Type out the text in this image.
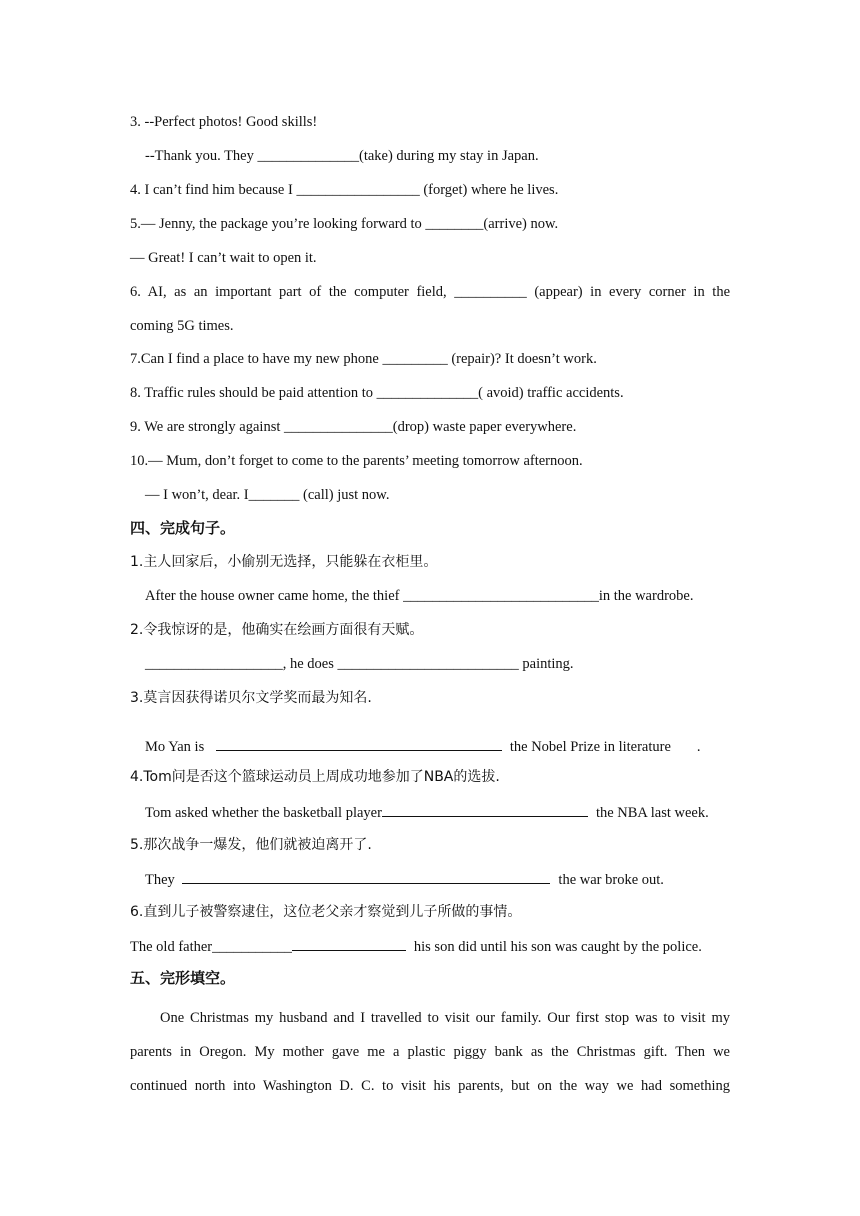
3. --Perfect photos! Good skills!
--Thank you. They ______________(take) during my stay in Japan.
4. I can’t find him because I _________________ (forget) where he lives.
5.— Jenny, the package you’re looking forward to ________(arrive) now.
— Great! I can’t wait to open it.
6. AI, as an important part of the computer field, __________ (appear) in every corner in the
coming 5G times.
7.Can I find a place to have my new phone _________ (repair)? It doesn’t work.
8. Traffic rules should be paid attention to ______________( avoid) traffic accidents.
9. We are strongly against _______________(drop) waste paper everywhere.
10.— Mum, don’t forget to come to the parents’ meeting tomorrow afternoon.
— I won’t, dear. I_______ (call) just now.
四、完成句子。
1.主人回家后，小偷别无选择，只能躲在衣柜里。
After the house owner came home, the thief ___________________________in the wardrobe.
2.令我惊讶的是，他确实在绘画方面很有天赋。
___________________, he does _________________________ painting.
3.莫言因获得诺贝尔文学奖而最为知名.
Mo Yan is	the Nobel Prize in literature .
4.Tom问是否这个篮球运动员上周成功地参加了NBA的选拔.
Tom asked whether the basketball player	the NBA last week.
5.那次战争一爆发，他们就被迫离开了.
They	the war broke out.
6.直到儿子被警察逮住，这位老父亲才察觉到儿子所做的事情。
The old father___________	his son did until his son was caught by the police.
五、完形填空。
One Christmas my husband and I travelled to visit our family. Our first stop was to visit my
parents in Oregon. My mother gave me a plastic piggy bank as the Christmas gift. Then we
continued north into Washington D. C. to visit his parents, but on the way we had something
